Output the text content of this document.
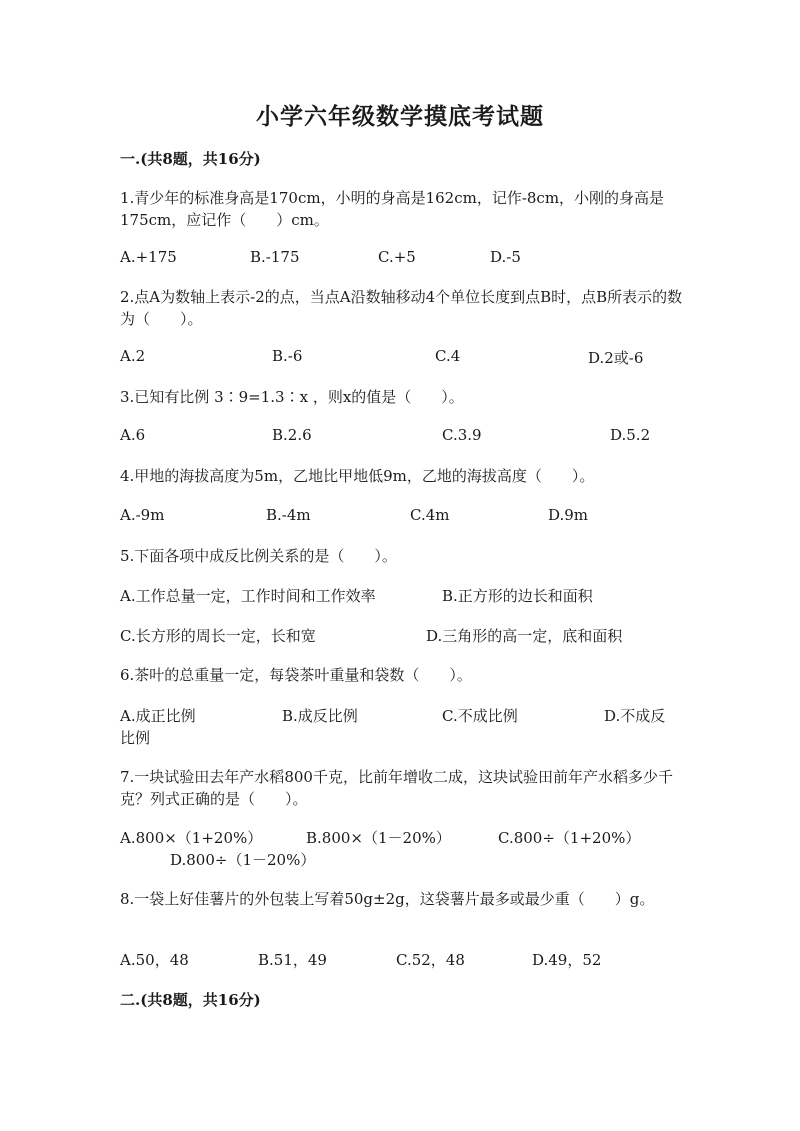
小学六年级数学摸底考试题
一.(共8题，共16分)
1.青少年的标准身高是170cm，小明的身高是162cm，记作-8cm，小刚的身高是175cm，应记作（　　）cm。
A.+175	B.-175	C.+5	D.-5
2.点A为数轴上表示-2的点，当点A沿数轴移动4个单位长度到点B时，点B所表示的数为（　　）。
A.2	B.-6	C.4	D.2或-6
3.已知有比例 3∶9=1.3∶x ，则x的值是（　　）。
A.6	B.2.6	C.3.9	D.5.2
4.甲地的海拔高度为5m，乙地比甲地低9m，乙地的海拔高度（　　）。
A.-9m	B.-4m	C.4m	D.9m
5.下面各项中成反比例关系的是（　　）。
A.工作总量一定，工作时间和工作效率	B.正方形的边长和面积
C.长方形的周长一定，长和宽	D.三角形的高一定，底和面积
6.茶叶的总重量一定，每袋茶叶重量和袋数（　　）。
A.成正比例	B.成反比例	C.不成比例	D.不成反
比例
7.一块试验田去年产水稻800千克，比前年增收二成，这块试验田前年产水稻多少千克？列式正确的是（　　）。
A.800×（1+20%）	B.800×（1－20%）	C.800÷（1+20%）
D.800÷（1－20%）
8.一袋上好佳薯片的外包装上写着50g±2g，这袋薯片最多或最少重（　　）g。
A.50，48	B.51，49	C.52，48	D.49，52
二.(共8题，共16分)
